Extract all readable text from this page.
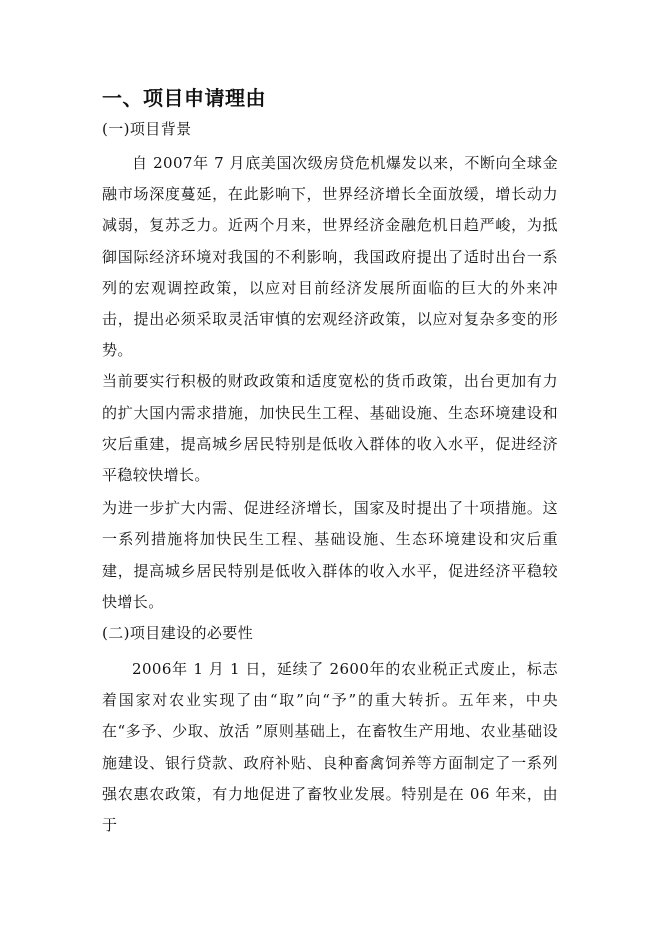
一、项目申请理由
(一)项目背景

自 2007年 7 月底美国次级房贷危机爆发以来，不断向全球金融市场深度蔓延，在此影响下，世界经济增长全面放缓，增长动力减弱，复苏乏力。近两个月来，世界经济金融危机日趋严峻，为抵御国际经济环境对我国的不利影响，我国政府提出了适时出台一系列的宏观调控政策，以应对目前经济发展所面临的巨大的外来冲击，提出必须采取灵活审慎的宏观经济政策，以应对复杂多变的形势。

当前要实行积极的财政政策和适度宽松的货币政策，出台更加有力的扩大国内需求措施，加快民生工程、基础设施、生态环境建设和灾后重建，提高城乡居民特别是低收入群体的收入水平，促进经济平稳较快增长。

为进一步扩大内需、促进经济增长，国家及时提出了十项措施。这一系列措施将加快民生工程、基础设施、生态环境建设和灾后重建，提高城乡居民特别是低收入群体的收入水平，促进经济平稳较快增长。

(二)项目建设的必要性

2006年 1 月 1 日，延续了 2600年的农业税正式废止，标志着国家对农业实现了由“取”向“予”的重大转折。五年来，中央在“多予、少取、放活 ”原则基础上，在畜牧生产用地、农业基础设施建设、银行贷款、政府补贴、良种畜禽饲养等方面制定了一系列强农惠农政策，有力地促进了畜牧业发展。特别是在 06 年来，由于
